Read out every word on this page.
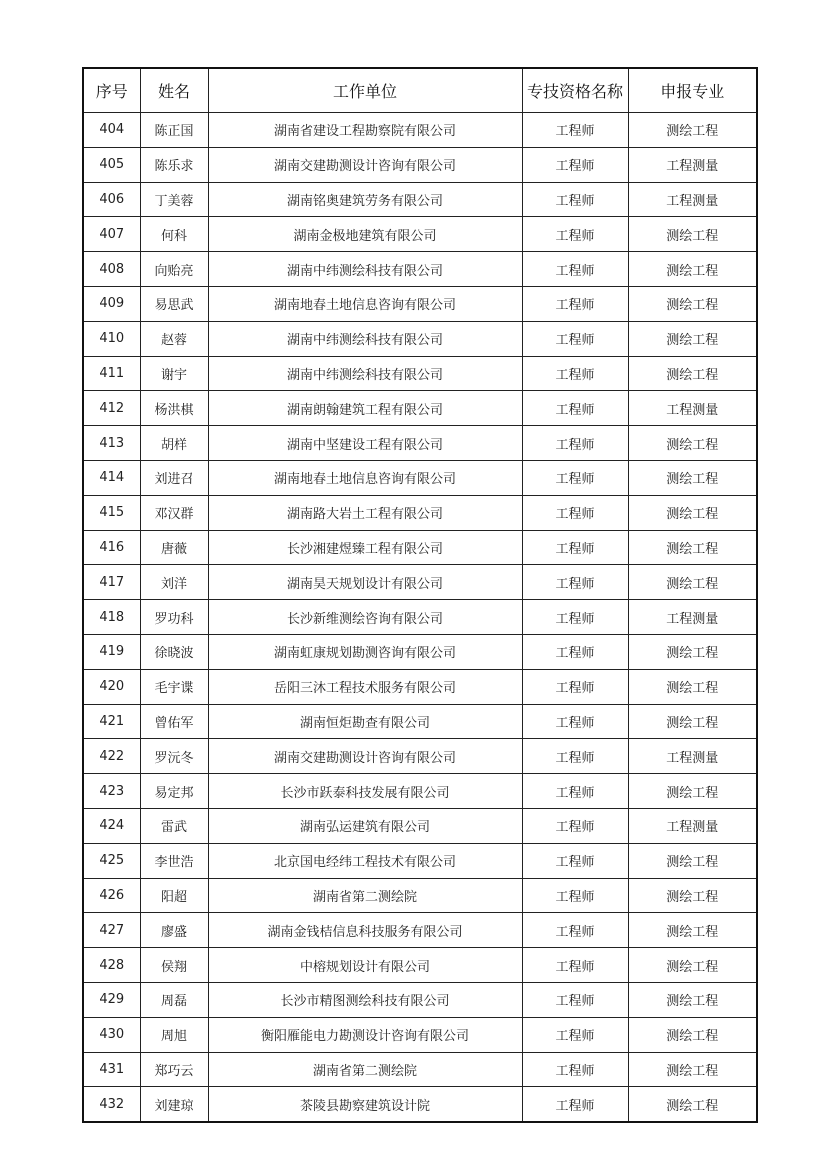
序号	姓名	工作单位	专技资格名称	申报专业
404	陈正国	湖南省建设工程勘察院有限公司	工程师	测绘工程
405	陈乐求	湖南交建勘测设计咨询有限公司	工程师	工程测量
406	丁美蓉	湖南铭奥建筑劳务有限公司	工程师	工程测量
407	何科	湖南金极地建筑有限公司	工程师	测绘工程
408	向贻亮	湖南中纬测绘科技有限公司	工程师	测绘工程
409	易思武	湖南地春土地信息咨询有限公司	工程师	测绘工程
410	赵蓉	湖南中纬测绘科技有限公司	工程师	测绘工程
411	谢宇	湖南中纬测绘科技有限公司	工程师	测绘工程
412	杨洪棋	湖南朗翰建筑工程有限公司	工程师	工程测量
413	胡样	湖南中坚建设工程有限公司	工程师	测绘工程
414	刘进召	湖南地春土地信息咨询有限公司	工程师	测绘工程
415	邓汉群	湖南路大岩土工程有限公司	工程师	测绘工程
416	唐薇	长沙湘建煜臻工程有限公司	工程师	测绘工程
417	刘洋	湖南昊天规划设计有限公司	工程师	测绘工程
418	罗功科	长沙新维测绘咨询有限公司	工程师	工程测量
419	徐晓波	湖南虹康规划勘测咨询有限公司	工程师	测绘工程
420	毛宇谍	岳阳三沐工程技术服务有限公司	工程师	测绘工程
421	曾佑军	湖南恒炬勘查有限公司	工程师	测绘工程
422	罗沅冬	湖南交建勘测设计咨询有限公司	工程师	工程测量
423	易定邦	长沙市跃泰科技发展有限公司	工程师	测绘工程
424	雷武	湖南弘运建筑有限公司	工程师	工程测量
425	李世浩	北京国电经纬工程技术有限公司	工程师	测绘工程
426	阳超	湖南省第二测绘院	工程师	测绘工程
427	廖盛	湖南金钱桔信息科技服务有限公司	工程师	测绘工程
428	侯翔	中榕规划设计有限公司	工程师	测绘工程
429	周磊	长沙市精图测绘科技有限公司	工程师	测绘工程
430	周旭	衡阳雁能电力勘测设计咨询有限公司	工程师	测绘工程
431	郑巧云	湖南省第二测绘院	工程师	测绘工程
432	刘建琼	茶陵县勘察建筑设计院	工程师	测绘工程
